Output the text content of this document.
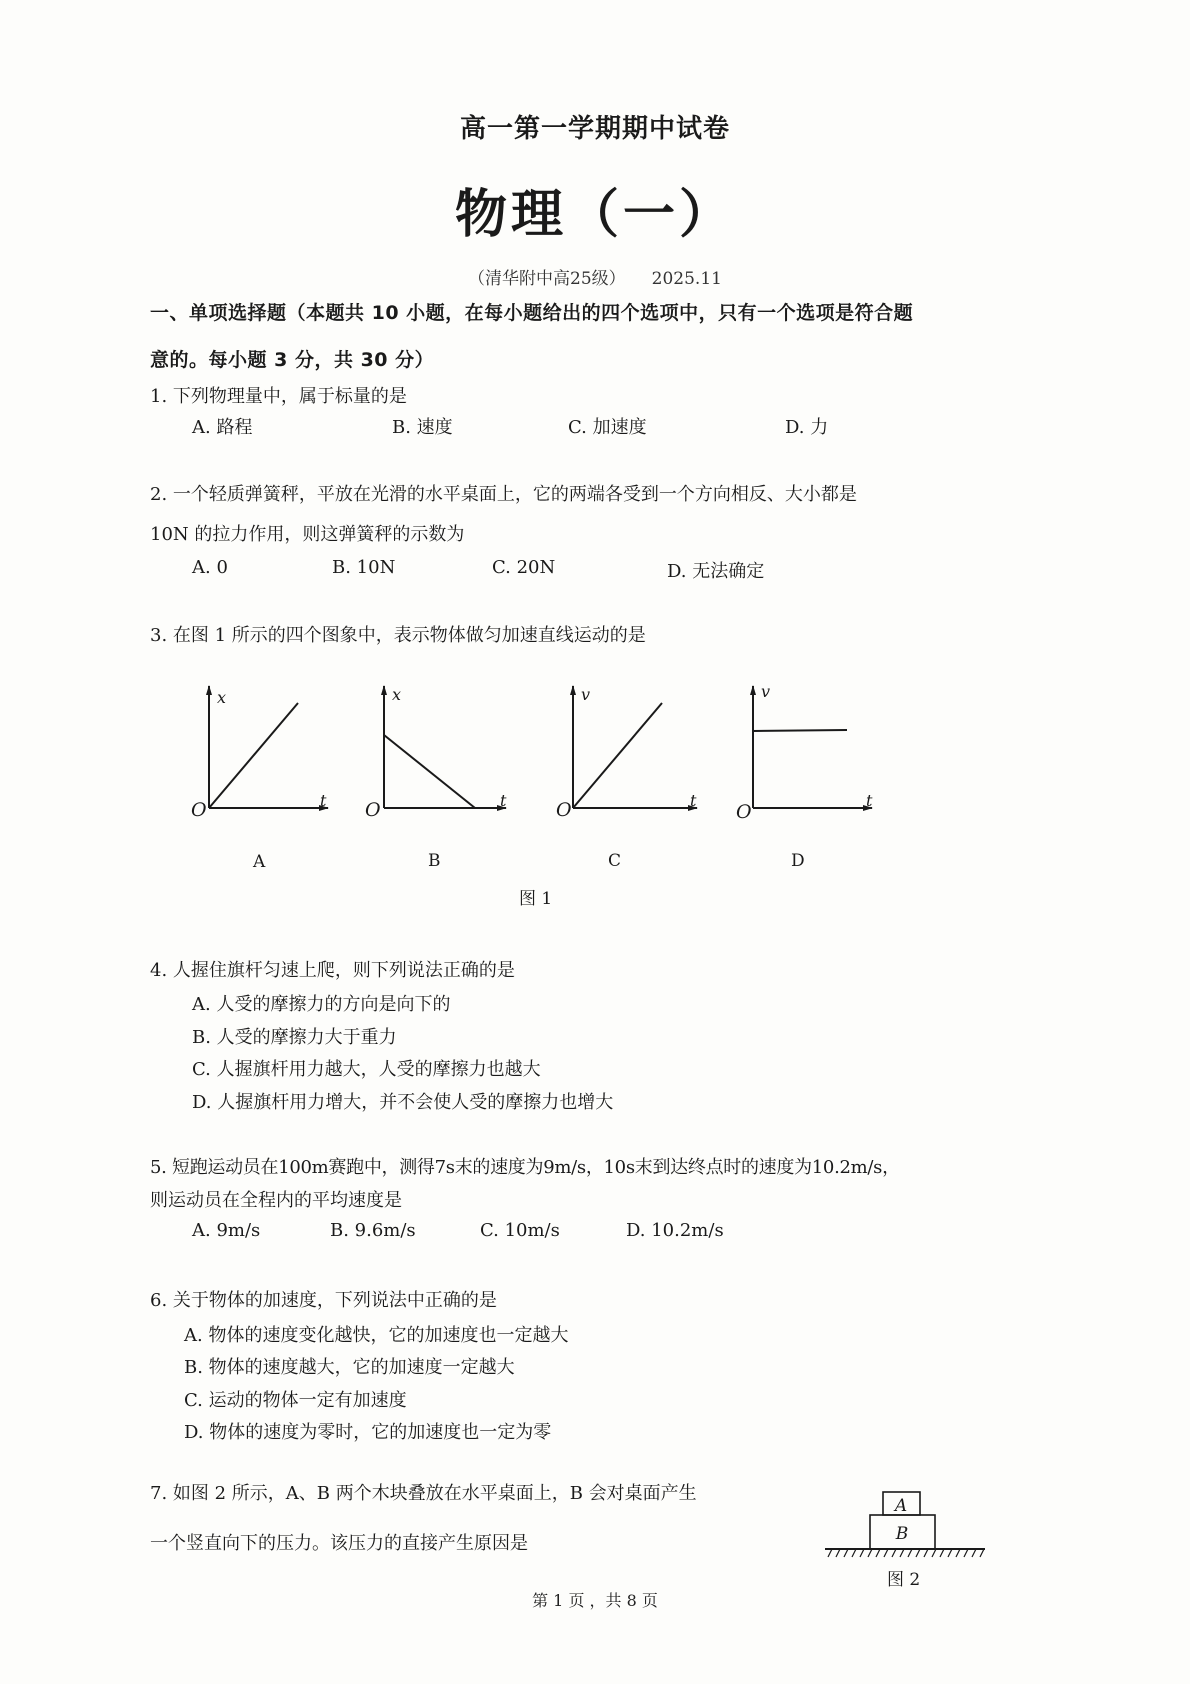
高一第一学期期中试卷
物理（一）
（清华附中高25级） 2025.11
一、单项选择题（本题共 10 小题，在每小题给出的四个选项中，只有一个选项是符合题
意的。每小题 3 分，共 30 分）
1. 下列物理量中，属于标量的是
A. 路程	B. 速度	C. 加速度	D. 力
2. 一个轻质弹簧秤，平放在光滑的水平桌面上，它的两端各受到一个方向相反、大小都是
10N 的拉力作用，则这弹簧秤的示数为
A. 0	B. 10N	C. 20N	D. 无法确定
3. 在图 1 所示的四个图象中，表示物体做匀加速直线运动的是
x
t
O
x
t
O
v
t
O
v
t
O
A	B	C	D
图 1
4. 人握住旗杆匀速上爬，则下列说法正确的是
A. 人受的摩擦力的方向是向下的
B. 人受的摩擦力大于重力
C. 人握旗杆用力越大，人受的摩擦力也越大
D. 人握旗杆用力增大，并不会使人受的摩擦力也增大
5. 短跑运动员在100m赛跑中，测得7s末的速度为9m/s，10s末到达终点时的速度为10.2m/s，
则运动员在全程内的平均速度是
A. 9m/s	B. 9.6m/s	C. 10m/s	D. 10.2m/s
6. 关于物体的加速度，下列说法中正确的是
A. 物体的速度变化越快，它的加速度也一定越大
B. 物体的速度越大，它的加速度一定越大
C. 运动的物体一定有加速度
D. 物体的速度为零时，它的加速度也一定为零
7. 如图 2 所示，A、B 两个木块叠放在水平桌面上，B 会对桌面产生
一个竖直向下的压力。该压力的直接产生原因是
A
B
图 2
第 1 页 ，共 8 页
